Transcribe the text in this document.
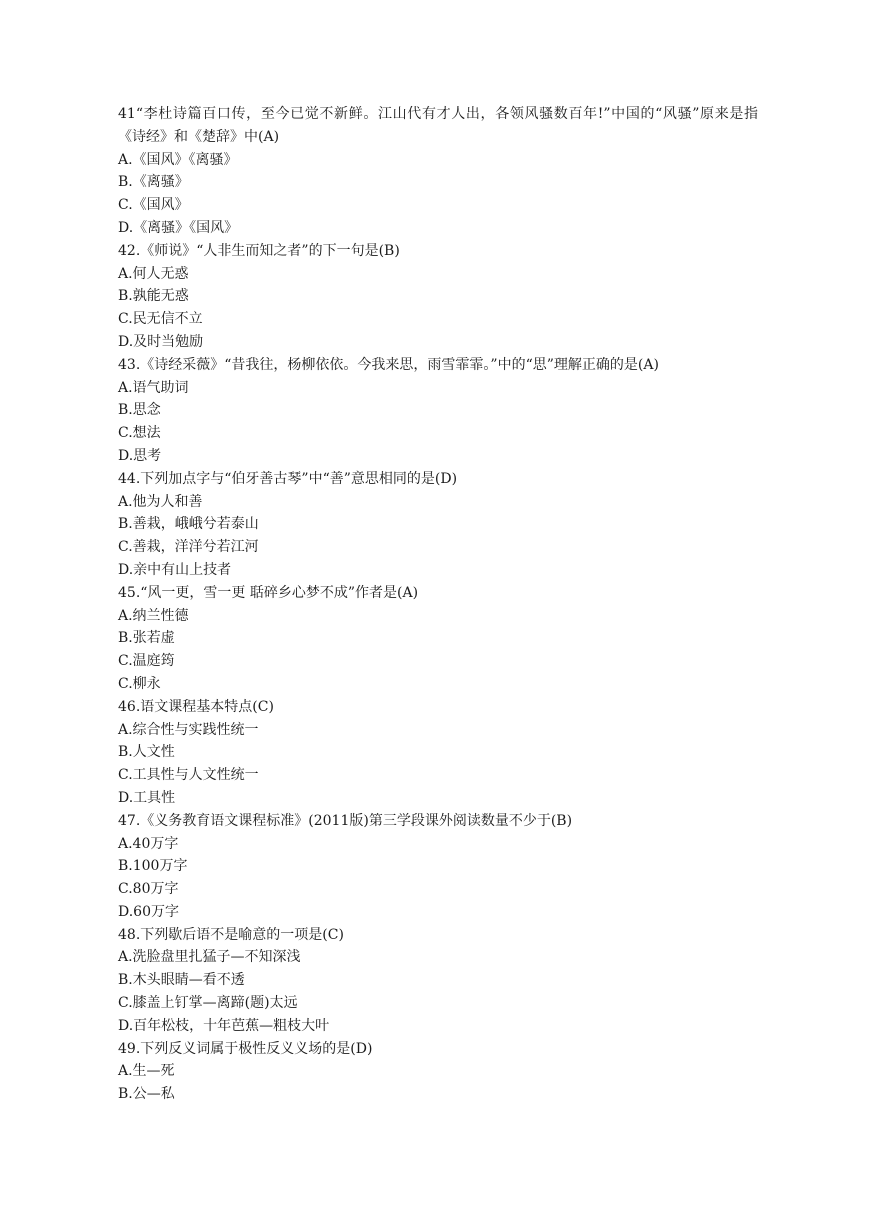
41“李杜诗篇百口传，至今已觉不新鲜。江山代有才人出，各领风骚数百年!”中国的“风骚”原来是指《诗经》和《楚辞》中(A)

A.《国风》《离骚》

B.《离骚》

C.《国风》

D.《离骚》《国风》

42.《师说》“人非生而知之者”的下一句是(B)

A.何人无惑

B.孰能无惑

C.民无信不立

D.及时当勉励

43.《诗经采薇》“昔我往，杨柳依依。今我来思，雨雪霏霏。”中的“思”理解正确的是(A)

A.语气助词

B.思念

C.想法

D.思考

44.下列加点字与“伯牙善古琴”中“善”意思相同的是(D)

A.他为人和善

B.善栽，峨峨兮若泰山

C.善栽，洋洋兮若江河

D.亲中有山上技者

45.“风一更，雪一更 聒碎乡心梦不成”作者是(A)

A.纳兰性德

B.张若虚

C.温庭筠

C.柳永

46.语文课程基本特点(C)

A.综合性与实践性统一

B.人文性

C.工具性与人文性统一

D.工具性

47.《义务教育语文课程标准》(2011版)第三学段课外阅读数量不少于(B)

A.40万字

B.100万字

C.80万字

D.60万字

48.下列歇后语不是喻意的一项是(C)

A.洗脸盘里扎猛子—不知深浅

B.木头眼睛—看不透

C.膝盖上钉掌—离蹄(题)太远

D.百年松枝，十年芭蕉—粗枝大叶

49.下列反义词属于极性反义义场的是(D)

A.生—死

B.公—私
